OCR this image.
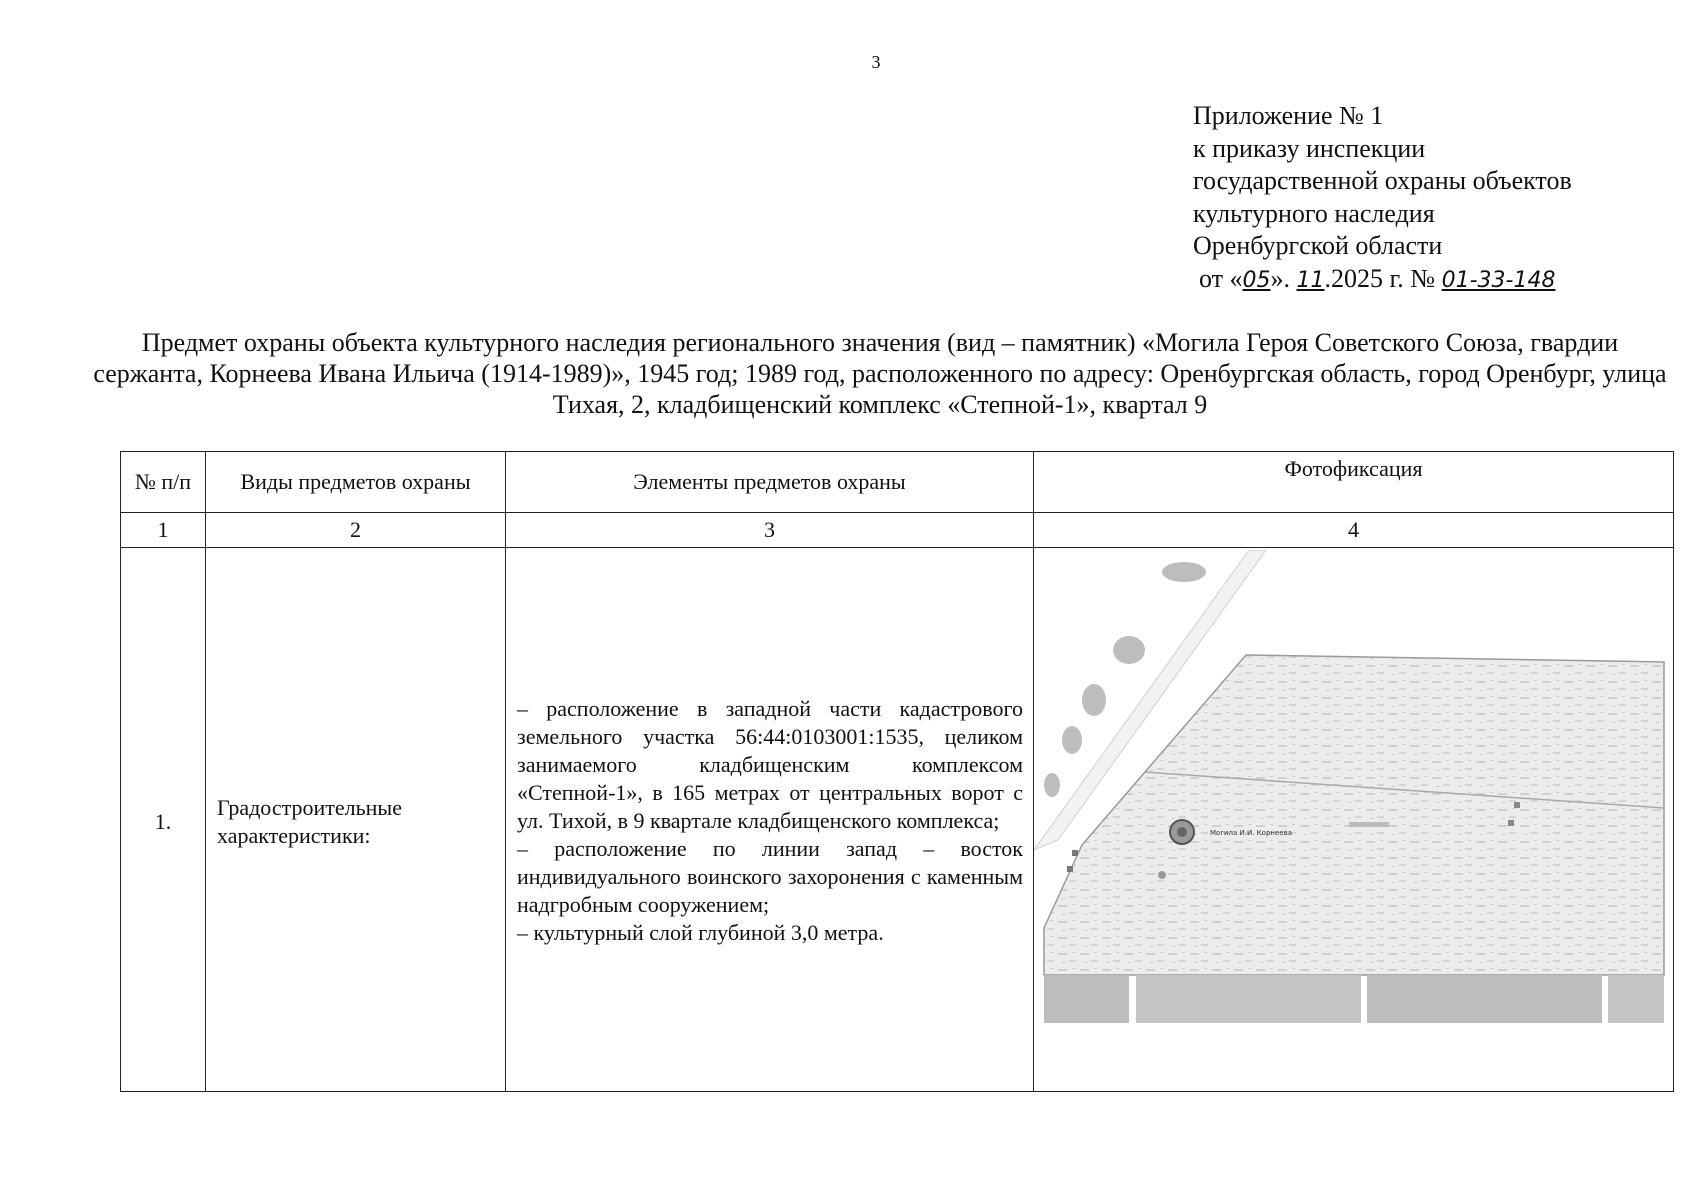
3
Приложение № 1
к приказу инспекции
государственной охраны объектов
культурного наследия
Оренбургской области
от «05». 11.2025 г. № 01-33-148
Предмет охраны объекта культурного наследия регионального значения (вид – памятник) «Могила Героя Советского Союза, гвардии сержанта, Корнеева Ивана Ильича (1914-1989)», 1945 год; 1989 год, расположенного по адресу: Оренбургская область, город Оренбург, улица Тихая, 2, кладбищенский комплекс «Степной-1», квартал 9
№ п/п	Виды предметов охраны	Элементы предметов охраны	Фотофиксация
1	2	3	4
1.	Градостроительные характеристики:	– расположение в западной части кадастрового земельного участка 56:44:0103001:1535, целиком занимаемого кладбищенским комплексом «Степной-1», в 165 метрах от центральных ворот с ул. Тихой, в 9 квартале кладбищенского комплекса;

– расположение по линии запад – восток индивидуального воинского захоронения с каменным надгробным сооружением;

– культурный слой глубиной 3,0 метра.	Могила И.И. Корнеева
